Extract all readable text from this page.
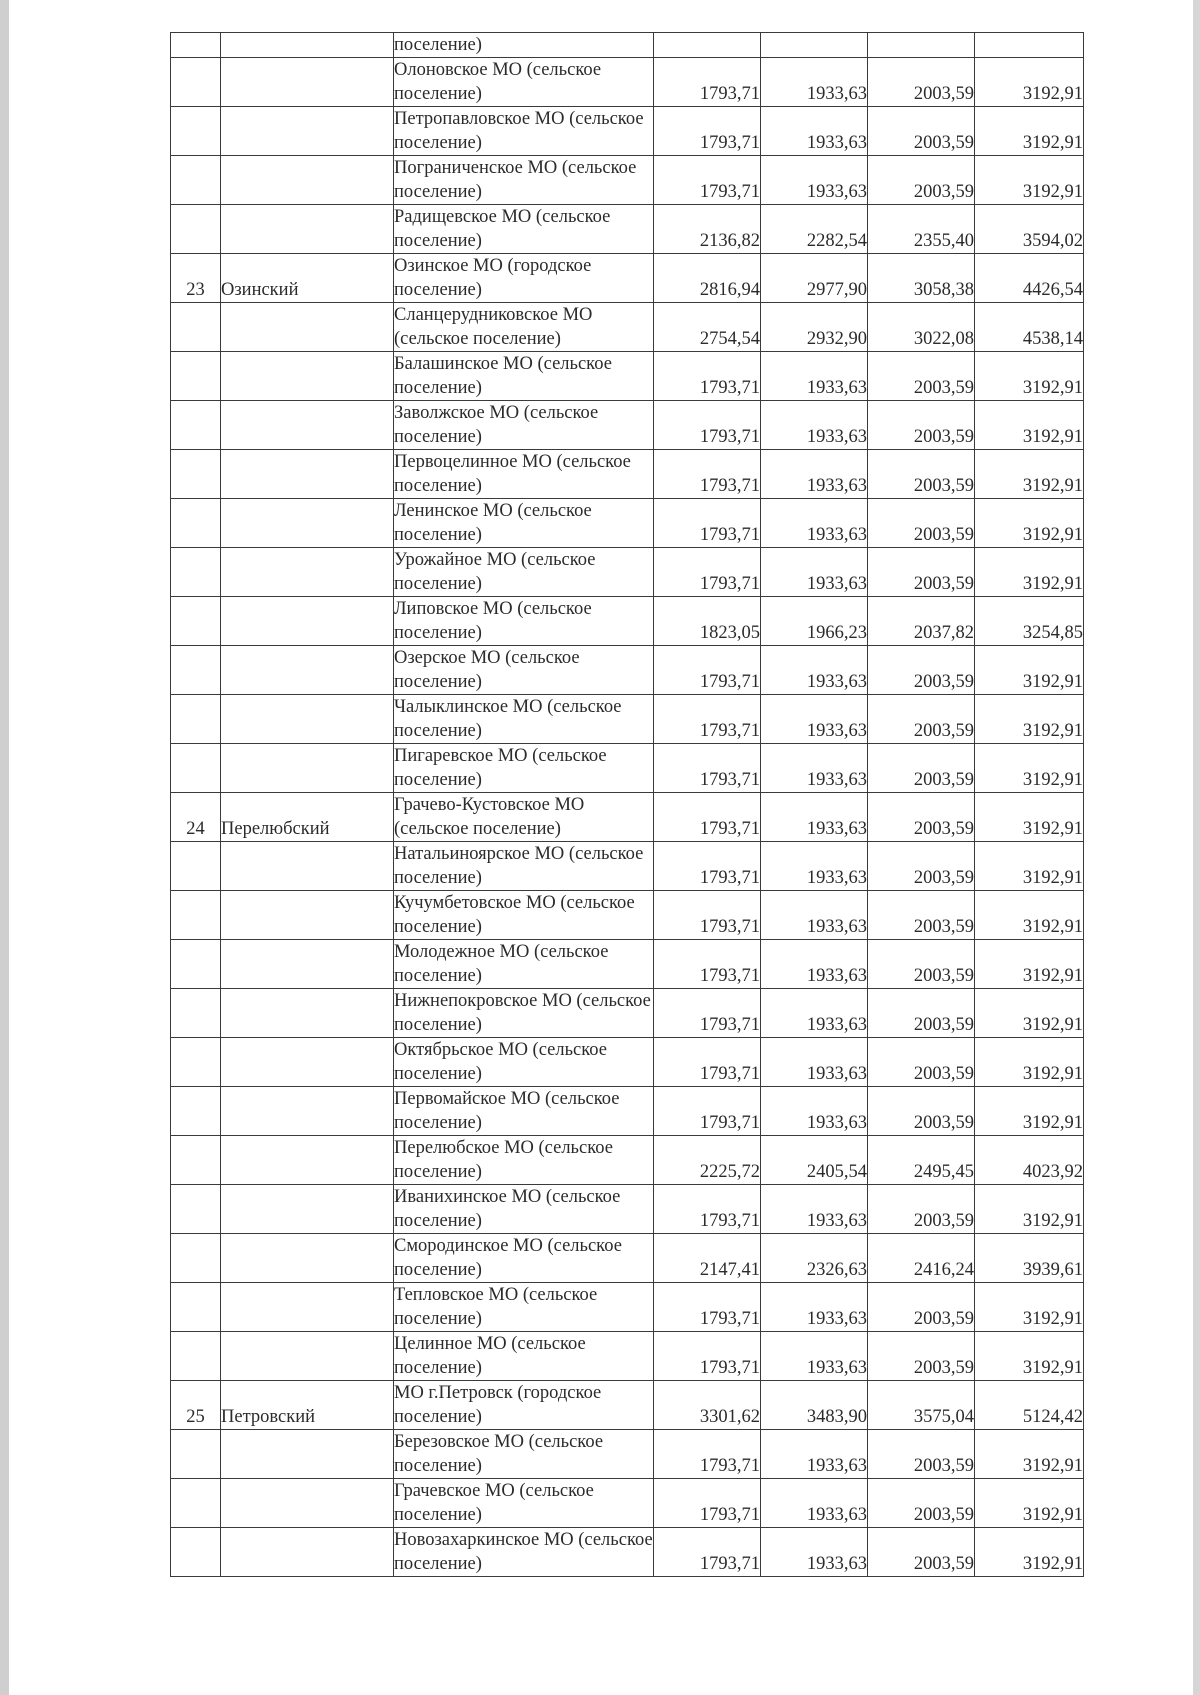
		поселение)				
		Олоновское МО (сельское поселение)	1793,71	1933,63	2003,59	3192,91
		Петропавловское МО (сельское поселение)	1793,71	1933,63	2003,59	3192,91
		Пограниченское МО (сельское поселение)	1793,71	1933,63	2003,59	3192,91
		Радищевское МО (сельское поселение)	2136,82	2282,54	2355,40	3594,02
23	Озинский	Озинское МО (городское поселение)	2816,94	2977,90	3058,38	4426,54
		Сланцерудниковское МО (сельское поселение)	2754,54	2932,90	3022,08	4538,14
		Балашинское МО (сельское поселение)	1793,71	1933,63	2003,59	3192,91
		Заволжское МО (сельское поселение)	1793,71	1933,63	2003,59	3192,91
		Первоцелинное МО (сельское поселение)	1793,71	1933,63	2003,59	3192,91
		Ленинское МО (сельское поселение)	1793,71	1933,63	2003,59	3192,91
		Урожайное МО (сельское поселение)	1793,71	1933,63	2003,59	3192,91
		Липовское МО (сельское поселение)	1823,05	1966,23	2037,82	3254,85
		Озерское МО (сельское поселение)	1793,71	1933,63	2003,59	3192,91
		Чалыклинское МО (сельское поселение)	1793,71	1933,63	2003,59	3192,91
		Пигаревское МО (сельское поселение)	1793,71	1933,63	2003,59	3192,91
24	Перелюбский	Грачево-Кустовское МО (сельское поселение)	1793,71	1933,63	2003,59	3192,91
		Натальиноярское МО (сельское поселение)	1793,71	1933,63	2003,59	3192,91
		Кучумбетовское МО (сельское поселение)	1793,71	1933,63	2003,59	3192,91
		Молодежное МО (сельское поселение)	1793,71	1933,63	2003,59	3192,91
		Нижнепокровское МО (сельское поселение)	1793,71	1933,63	2003,59	3192,91
		Октябрьское МО (сельское поселение)	1793,71	1933,63	2003,59	3192,91
		Первомайское МО (сельское поселение)	1793,71	1933,63	2003,59	3192,91
		Перелюбское МО (сельское поселение)	2225,72	2405,54	2495,45	4023,92
		Иванихинское МО (сельское поселение)	1793,71	1933,63	2003,59	3192,91
		Смородинское МО (сельское поселение)	2147,41	2326,63	2416,24	3939,61
		Тепловское МО (сельское поселение)	1793,71	1933,63	2003,59	3192,91
		Целинное МО (сельское поселение)	1793,71	1933,63	2003,59	3192,91
25	Петровский	МО г.Петровск (городское поселение)	3301,62	3483,90	3575,04	5124,42
		Березовское МО (сельское поселение)	1793,71	1933,63	2003,59	3192,91
		Грачевское МО (сельское поселение)	1793,71	1933,63	2003,59	3192,91
		Новозахаркинское МО (сельское поселение)	1793,71	1933,63	2003,59	3192,91
